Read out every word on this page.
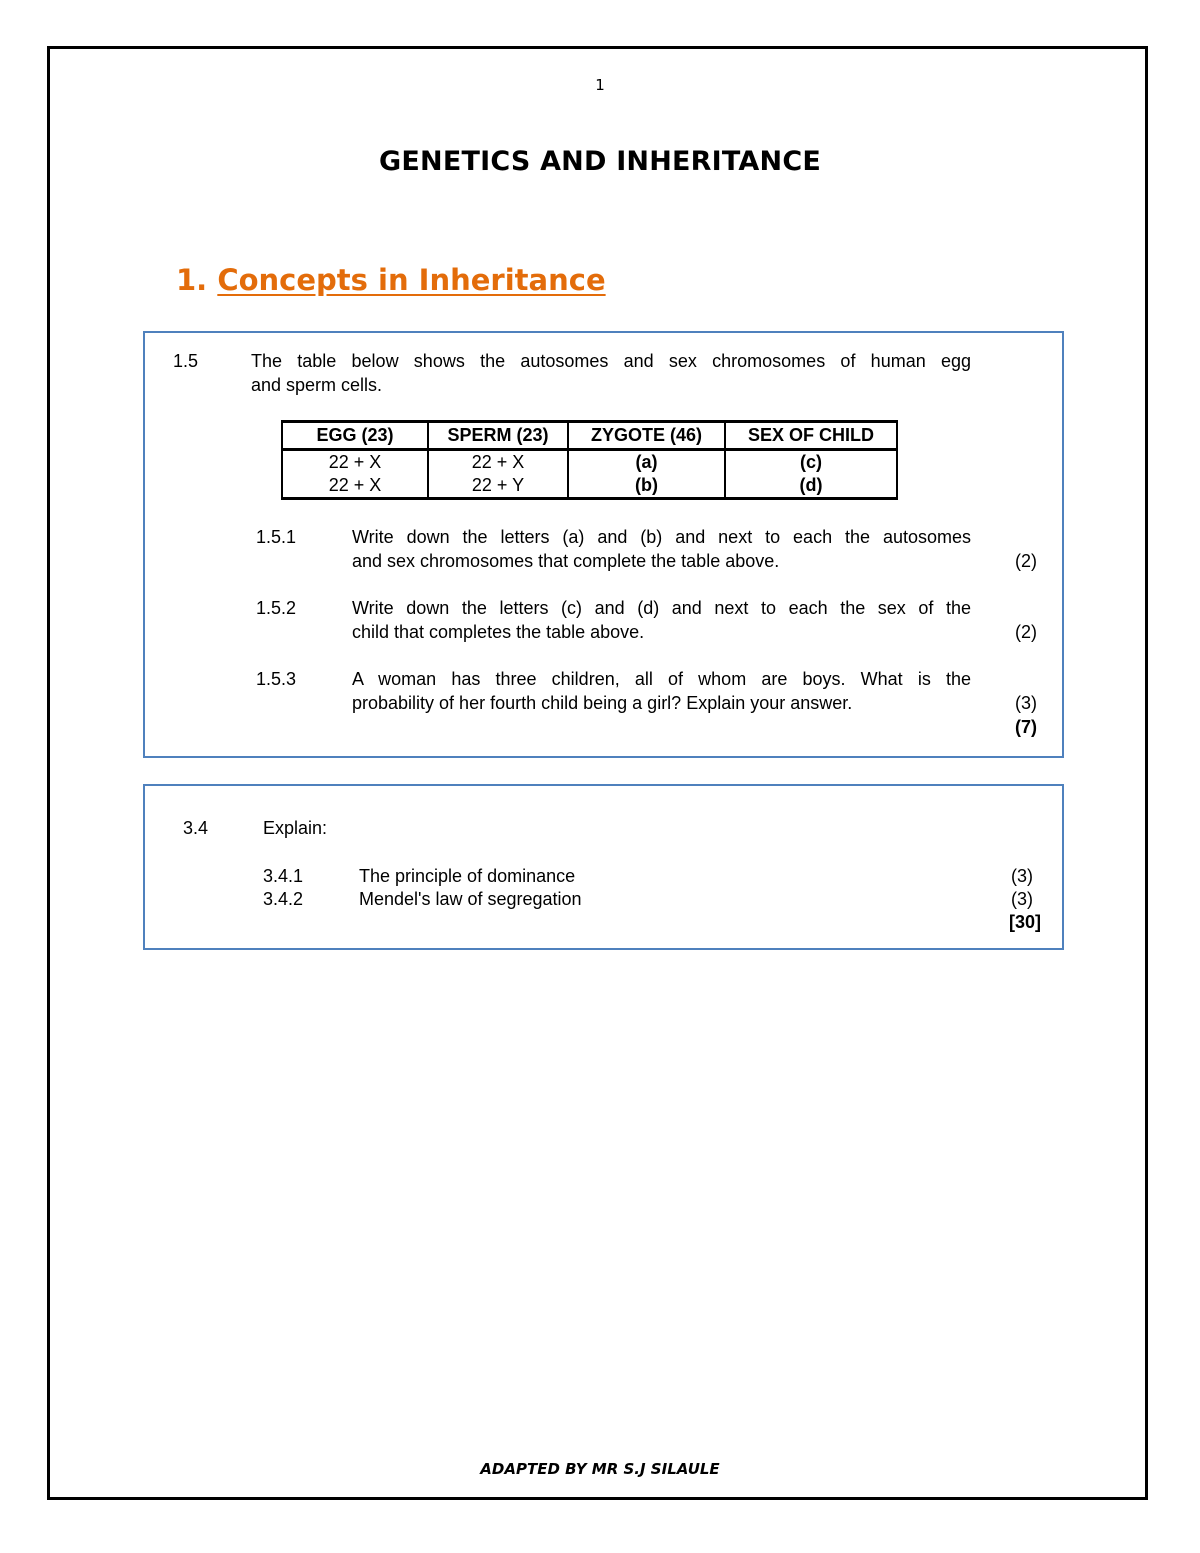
1
GENETICS AND INHERITANCE
1. Concepts in Inheritance
1.5	The table below shows the autosomes and sex chromosomes of human egg
and sperm cells.
EGG (23)	SPERM (23)	ZYGOTE (46)	SEX OF CHILD
22 + X	22 + X	(a)	(c)
22 + X	22 + Y	(b)	(d)
1.5.1	Write down the letters (a) and (b) and next to each the autosomes
and sex chromosomes that complete the table above.	(2)
1.5.2	Write down the letters (c) and (d) and next to each the sex of the
child that completes the table above.	(2)
1.5.3	A woman has three children, all of whom are boys. What is the
probability of her fourth child being a girl? Explain your answer.	(3)
(7)
3.4	Explain:
3.4.1	The principle of dominance	(3)
3.4.2	Mendel's law of segregation	(3)
[30]
ADAPTED BY MR S.J SILAULE
